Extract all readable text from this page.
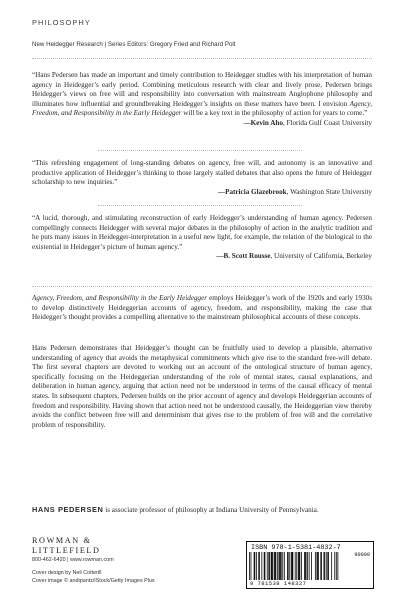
PHILOSOPHY
New Heidegger Research | Series Editors: Gregory Fried and Richard Polt
“Hans Pedersen has made an important and timely contribution to Heidegger studies with his interpretation of human agency in Heidegger’s early period. Combining meticulous research with clear and lively prose, Pedersen brings Heidegger’s views on free will and responsibility into conversation with mainstream Anglophone philosophy and illuminates how influential and groundbreaking Heidegger’s insights on these matters have been. I envision Agency, Freedom, and Responsibility in the Early Heidegger will be a key text in the philosophy of action for years to come.”
—Kevin Aho, Florida Gulf Coast University
“This refreshing engagement of long-standing debates on agency, free will, and autonomy is an innovative and productive application of Heidegger’s thinking to those largely stalled debates that also opens the future of Heidegger scholarship to new inquiries.”
—Patricia Glazebrook, Washington State University
“A lucid, thorough, and stimulating reconstruction of early Heidegger’s understanding of human agency. Pedersen compellingly connects Heidegger with several major debates in the philosophy of action in the analytic tradition and he puts many issues in Heidegger-interpretation in a useful new light, for example, the relation of the biological to the existential in Heidegger’s picture of human agency.”
—B. Scott Rousse, University of California, Berkeley
Agency, Freedom, and Responsibility in the Early Heidegger employs Heidegger’s work of the 1920s and early 1930s to develop distinctively Heideggerian accounts of agency, freedom, and responsibility, making the case that Heidegger’s thought provides a compelling alternative to the mainstream philosophical accounts of these concepts.
Hans Pedersen demonstrates that Heidegger’s thought can be fruitfully used to develop a plausible, alternative understanding of agency that avoids the metaphysical commitments which give rise to the standard free-will debate. The first several chapters are devoted to working out an account of the ontological structure of human agency, specifically focusing on the Heideggerian understanding of the role of mental states, causal explanations, and deliberation in human agency, arguing that action need not be understood in terms of the causal efficacy of mental states. In subsequent chapters, Pedersen builds on the prior account of agency and develops Heideggerian accounts of freedom and responsibility. Having shown that action need not be understood causally, the Heideggerian view thereby avoids the conflict between free will and determinism that gives rise to the problem of free will and the correlative problem of responsibility.
HANS PEDERSEN is associate professor of philosophy at Indiana University of Pennsylvania.
ROWMAN &
LITTLEFIELD
800-462-6420 | www.rowman.com
Cover design by Neil Cotterill
Cover image © andipantz/iStock/Getty Images Plus
ISBN 978-1-5381-4832-7
90000
9 781538 148327
